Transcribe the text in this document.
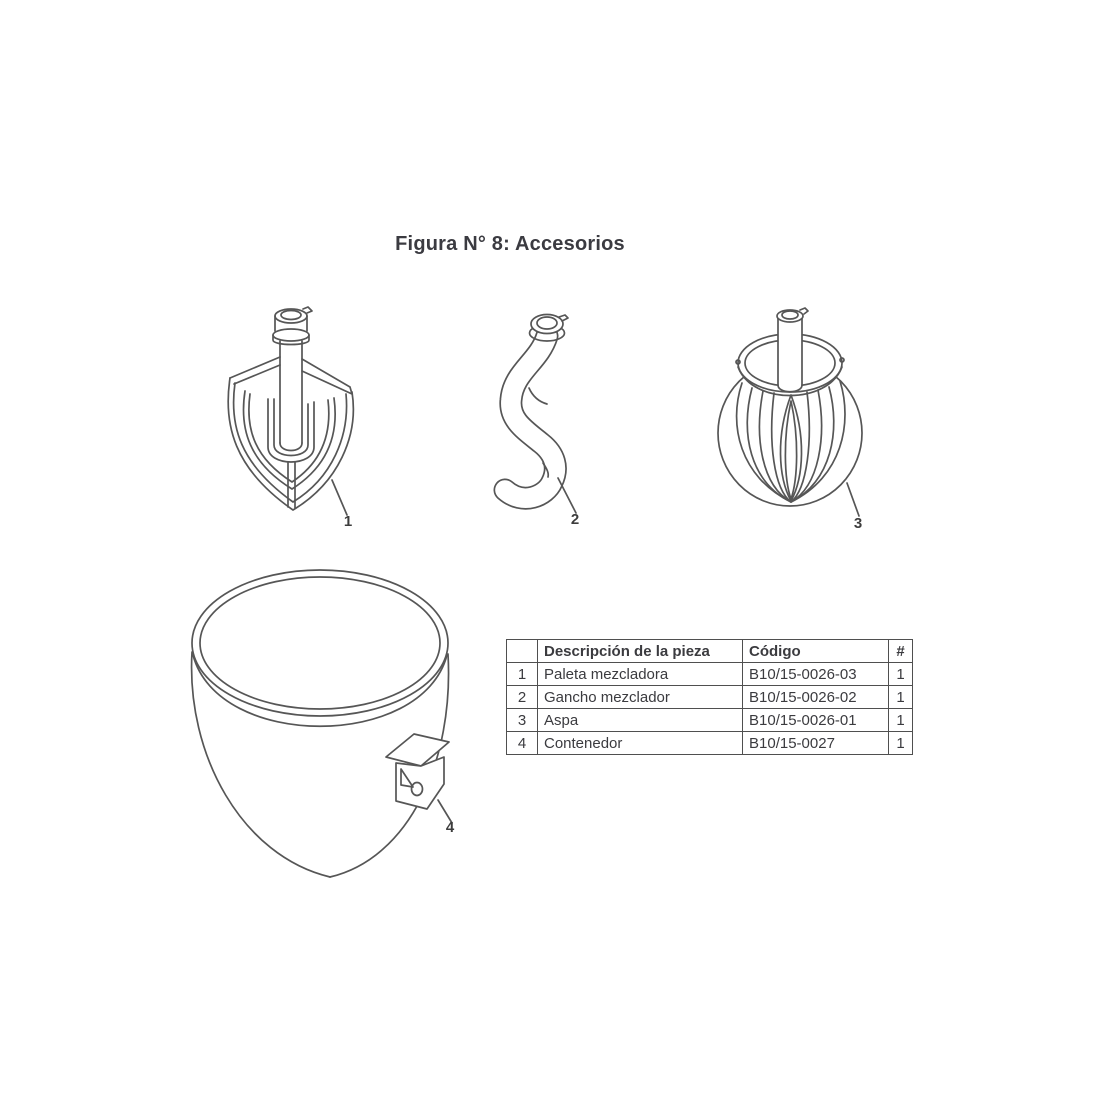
Figura N° 8: Accesorios
1	2	3
4
	Descripción de la pieza	Código	#
1	Paleta mezcladora	B10/15-0026-03	1
2	Gancho mezclador	B10/15-0026-02	1
3	Aspa	B10/15-0026-01	1
4	Contenedor	B10/15-0027	1
